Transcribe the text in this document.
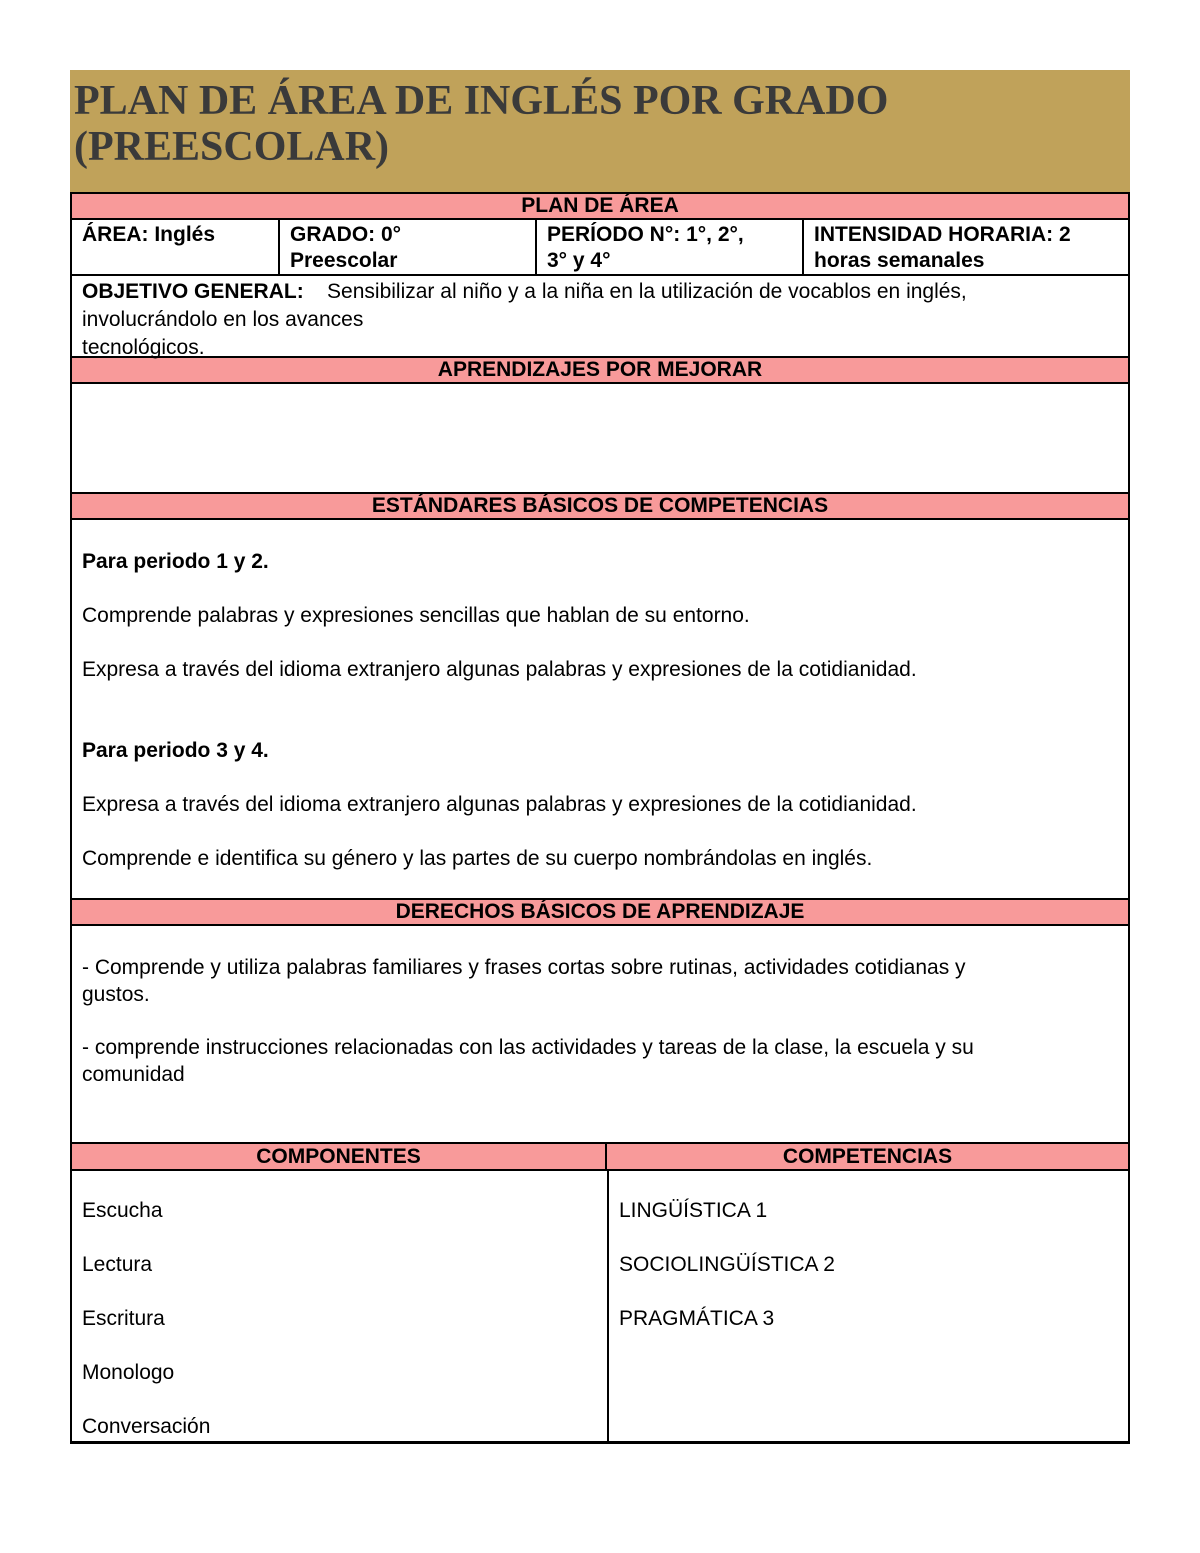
PLAN DE ÁREA DE INGLÉS POR GRADO
(PREESCOLAR)
PLAN DE ÁREA
ÁREA: Inglés	GRADO: 0°
Preescolar
PERÍODO N°: 1°, 2°,
3° y 4°
INTENSIDAD HORARIA: 2
horas semanales
OBJETIVO GENERAL: Sensibilizar al niño y a la niña en la utilización de vocablos en inglés,
involucrándolo en los avances
tecnológicos.
APRENDIZAJES POR MEJORAR
ESTÁNDARES BÁSICOS DE COMPETENCIAS

Para periodo 1 y 2.

Comprende palabras y expresiones sencillas que hablan de su entorno.

Expresa a través del idioma extranjero algunas palabras y expresiones de la cotidianidad.

Para periodo 3 y 4.

Expresa a través del idioma extranjero algunas palabras y expresiones de la cotidianidad.

Comprende e identifica su género y las partes de su cuerpo nombrándolas en inglés.

DERECHOS BÁSICOS DE APRENDIZAJE

- Comprende y utiliza palabras familiares y frases cortas sobre rutinas, actividades cotidianas y
gustos.

- comprende instrucciones relacionadas con las actividades y tareas de la clase, la escuela y su
comunidad

COMPONENTES	COMPETENCIAS
Escucha
Lectura
Escritura
Monologo
Conversación
LINGÜÍSTICA 1
SOCIOLINGÜÍSTICA 2
PRAGMÁTICA 3
